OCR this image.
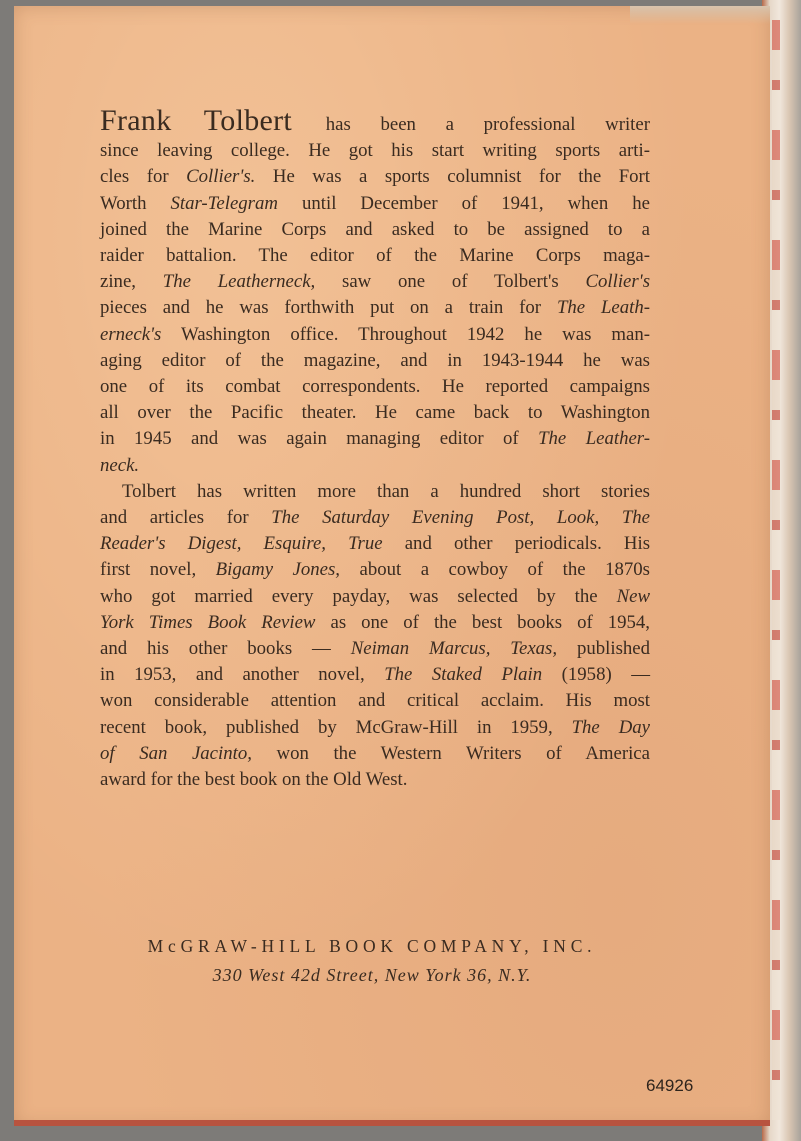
Frank Tolbert has been a professional writer
since leaving college. He got his start writing sports arti-
cles for Collier's. He was a sports columnist for the Fort
Worth Star-Telegram until December of 1941, when he
joined the Marine Corps and asked to be assigned to a
raider battalion. The editor of the Marine Corps maga-
zine, The Leatherneck, saw one of Tolbert's Collier's
pieces and he was forthwith put on a train for The Leath-
erneck's Washington office. Throughout 1942 he was man-
aging editor of the magazine, and in 1943-1944 he was
one of its combat correspondents. He reported campaigns
all over the Pacific theater. He came back to Washington
in 1945 and was again managing editor of The Leather-
neck.
Tolbert has written more than a hundred short stories
and articles for The Saturday Evening Post, Look, The
Reader's Digest, Esquire, True and other periodicals. His
first novel, Bigamy Jones, about a cowboy of the 1870s
who got married every payday, was selected by the New
York Times Book Review as one of the best books of 1954,
and his other books — Neiman Marcus, Texas, published
in 1953, and another novel, The Staked Plain (1958) —
won considerable attention and critical acclaim. His most
recent book, published by McGraw-Hill in 1959, The Day
of San Jacinto, won the Western Writers of America
award for the best book on the Old West.
McGRAW-HILL BOOK COMPANY, INC.
330 West 42d Street, New York 36, N.Y.
64926
